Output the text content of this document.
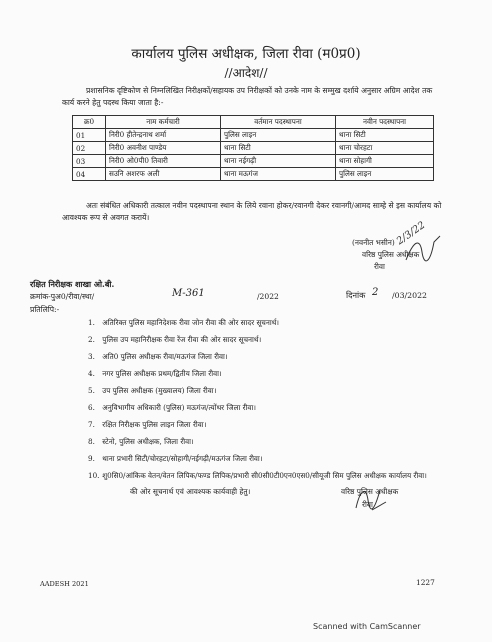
कार्यालय पुलिस अधीक्षक, जिला रीवा (म0प्र0)
//आदेश//
प्रशासनिक दृष्टिकोण से निम्नलिखित निरीक्षकों/सहायक उप निरीक्षकों को उनके नाम के सम्मुख दर्शाये अनुसार अग्रिम आदेश तक कार्य करने हेतु पदस्थ किया जाता है:-
क्र0	नाम कर्मचारी	वर्तमान पदस्थापना	नवीन पदस्थापना
01	निरी0 हीतेन्द्रनाथ शर्मा	पुलिस लाइन	थाना सिटी
02	निरी0 अवनीश पाण्डेय	थाना सिटी	थाना चोरहटा
03	निरी0 ओ0पी0 तिवारी	थाना नईगढ़ी	थाना सोहागी
04	सउनि अशरफ अली	थाना मऊगंज	पुलिस लाइन
अतः संबंधित अधिकारी तत्काल नवीन पदस्थापना स्थान के लिये रवाना होकर/रवानगी देकर रवानगी/आमद साम्हे से इस कार्यालय को आवश्यक रूप से अवगत करायें।
2/3/22
(नवनीत भसीन)
वरिष्ठ पुलिस अधीक्षक
रीवा
रक्षित निरीक्षक शाखा ओ.बी.
क्रमांक-पुअ0/रीवा/स्था/	M-361	/2022	दिनांक 2 /03/2022
प्रतिलिपि:-
1. अतिरिक्त पुलिस महानिदेशक रीवा जोन रीवा की ओर सादर सूचनार्थ।
2. पुलिस उप महानिरीक्षक रीवा रेंज रीवा की ओर सादर सूचनार्थ।
3. अति0 पुलिस अधीक्षक रीवा/मऊगंज जिला रीवा।
4. नगर पुलिस अधीक्षक प्रथम/द्वितीय जिला रीवा।
5. उप पुलिस अधीक्षक (मुख्यालय) जिला रीवा।
6. अनुविभागीय अधिकारी (पुलिस) मऊगंज/त्योंथर जिला रीवा।
7. रक्षित निरीक्षक पुलिस लाइन जिला रीवा।
8. स्टेनो, पुलिस अधीक्षक, जिला रीवा।
9. थाना प्रभारी सिटी/चोरहटा/सोहागी/नईगढ़ी/मऊगंज जिला रीवा।
10. शु0सि0/आंकिक वेतन/वेतन लिपिक/फण्ड लिपिक/प्रभारी सी0सी0टी0एन0एस0/सीयूजी सिम पुलिस अधीक्षक कार्यालय रीवा।
की ओर सूचनार्थ एवं आवश्यक कार्यवाही हेतु।	वरिष्ठ पुलिस अधीक्षक
रीवा
AADESH 2021	1227
Scanned with CamScanner
